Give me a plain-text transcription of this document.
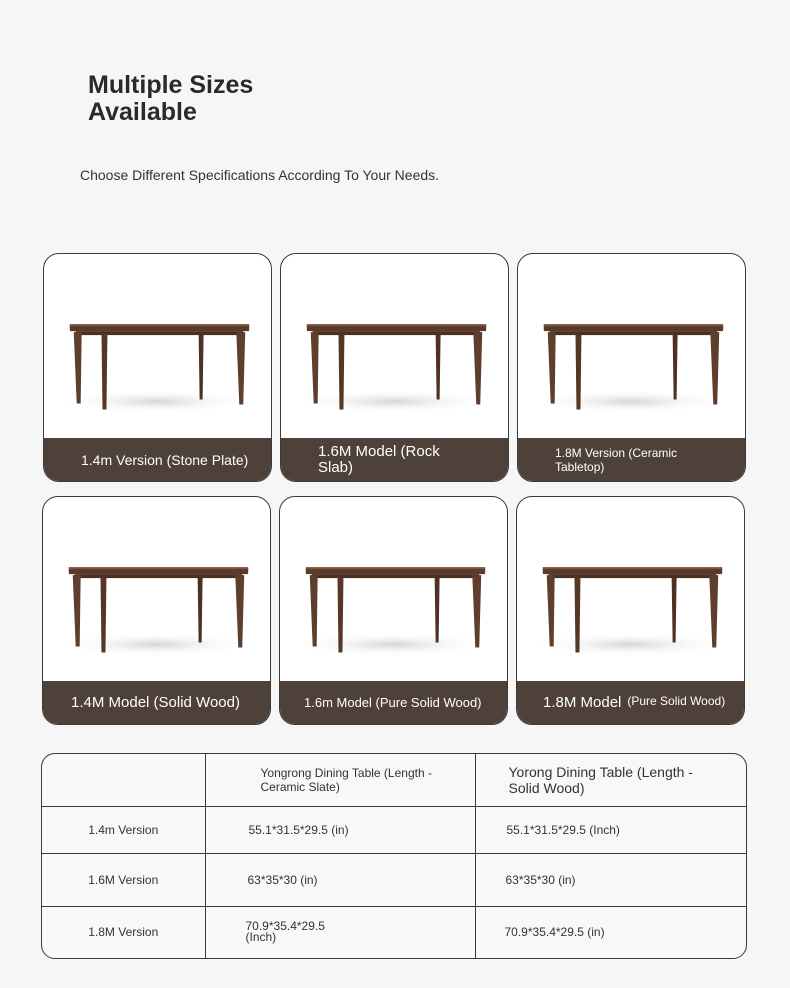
Multiple Sizes Available

Choose Different Specifications According To Your Needs.

1.4m Version (Stone Plate)	1.6M Model (Rock Slab)
1.8M Version (Ceramic Tabletop)
1.4M Model (Solid Wood)	1.6m Model (Pure Solid Wood)	1.8M Model (Pure Solid Wood)
	Yongrong Dining Table (Length - Ceramic Slate)	Yorong Dining Table (Length - Solid Wood)
1.4m Version	55.1*31.5*29.5 (in)	55.1*31.5*29.5 (Inch)
1.6M Version	63*35*30 (in)	63*35*30 (in)
1.8M Version	70.9*35.4*29.5 (Inch)	70.9*35.4*29.5 (in)
